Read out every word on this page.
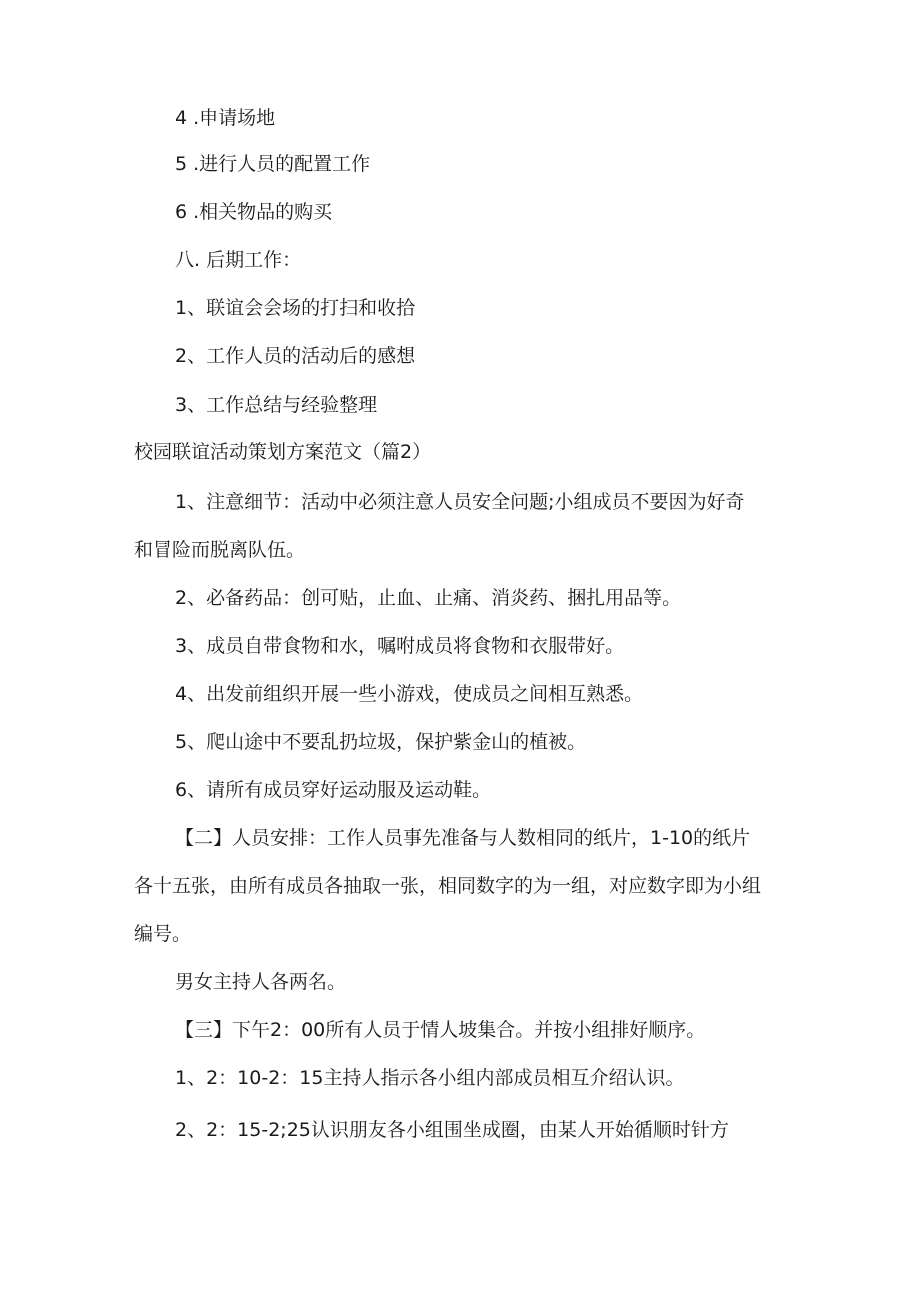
4 .申请场地

5 .进行人员的配置工作

6 .相关物品的购买

八. 后期工作：

1、联谊会会场的打扫和收拾

2、工作人员的活动后的感想

3、工作总结与经验整理

校园联谊活动策划方案范文（篇2）

1、注意细节：活动中必须注意人员安全问题;小组成员不要因为好奇

和冒险而脱离队伍。

2、必备药品：创可贴，止血、止痛、消炎药、捆扎用品等。

3、成员自带食物和水，嘱咐成员将食物和衣服带好。

4、出发前组织开展一些小游戏，使成员之间相互熟悉。

5、爬山途中不要乱扔垃圾，保护紫金山的植被。

6、请所有成员穿好运动服及运动鞋。

【二】人员安排：工作人员事先准备与人数相同的纸片，1-10的纸片

各十五张，由所有成员各抽取一张，相同数字的为一组，对应数字即为小组

编号。

男女主持人各两名。

【三】下午2：00所有人员于情人坡集合。并按小组排好顺序。

1、2：10-2：15主持人指示各小组内部成员相互介绍认识。

2、2：15-2;25认识朋友各小组围坐成圈，由某人开始循顺时针方
